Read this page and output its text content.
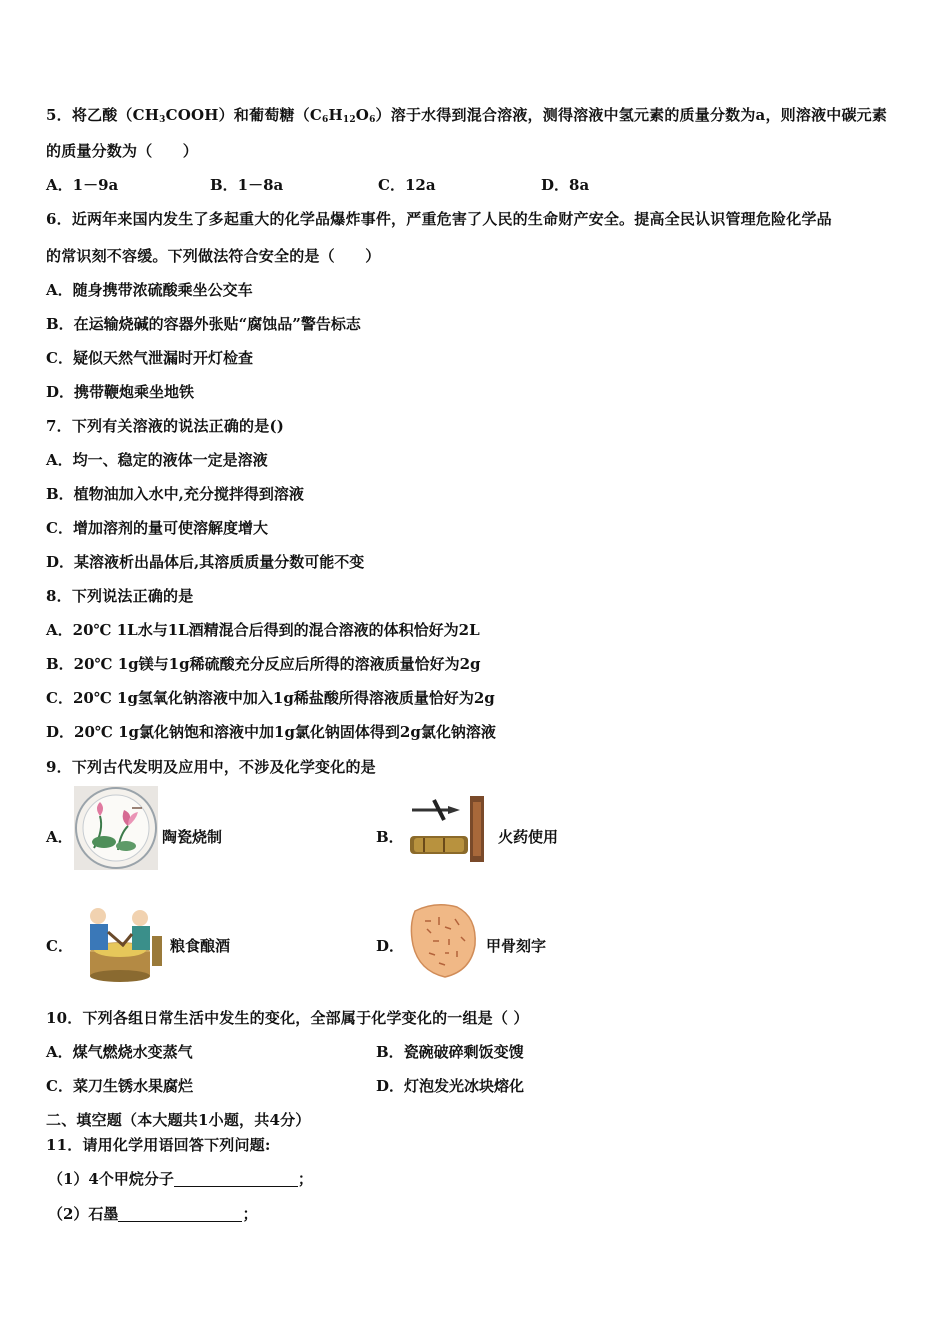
5．将乙酸$(CH_3COOH)$和葡萄糖$(C_6H_{12}O_6)$溶于水得到混合溶液，测得溶液中氢元素的质量分数为a，则溶液中碳元素
的质量分数为（　　）
A．1－9a	B．1－8a	C．12a	D．8a
6．近两年来国内发生了多起重大的化学品爆炸事件，严重危害了人民的生命财产安全。提高全民认识管理危险化学品
的常识刻不容缓。下列做法符合安全的是（　　）
A．随身携带浓硫酸乘坐公交车
B．在运输烧碱的容器外张贴“腐蚀品”警告标志
C．疑似天然气泄漏时开灯检查
D．携带鞭炮乘坐地铁
7．下列有关溶液的说法正确的是()
A．均一、稳定的液体一定是溶液
B．植物油加入水中,充分搅拌得到溶液
C．增加溶剂的量可使溶解度增大
D．某溶液析出晶体后,其溶质质量分数可能不变
8．下列说法正确的是
A．20℃ 1L水与1L酒精混合后得到的混合溶液的体积恰好为2L
B．20℃ 1g镁与1g稀硫酸充分反应后所得的溶液质量恰好为2g
C．20℃ 1g氢氧化钠溶液中加入1g稀盐酸所得溶液质量恰好为2g
D．20℃ 1g氯化钠饱和溶液中加1g氯化钠固体得到2g氯化钠溶液
9．下列古代发明及应用中，不涉及化学变化的是
A．	陶瓷烧制	B．	火药使用
C．	粮食酿酒	D．	甲骨刻字
10．下列各组日常生活中发生的变化，全部属于化学变化的一组是（ ）
A．煤气燃烧水变蒸气	B．瓷碗破碎剩饭变馊
C．菜刀生锈水果腐烂	D．灯泡发光冰块熔化
二、填空题（本大题共1小题，共4分）
11．请用化学用语回答下列问题:
（1）4个甲烷分子	；
（2）石墨	；
